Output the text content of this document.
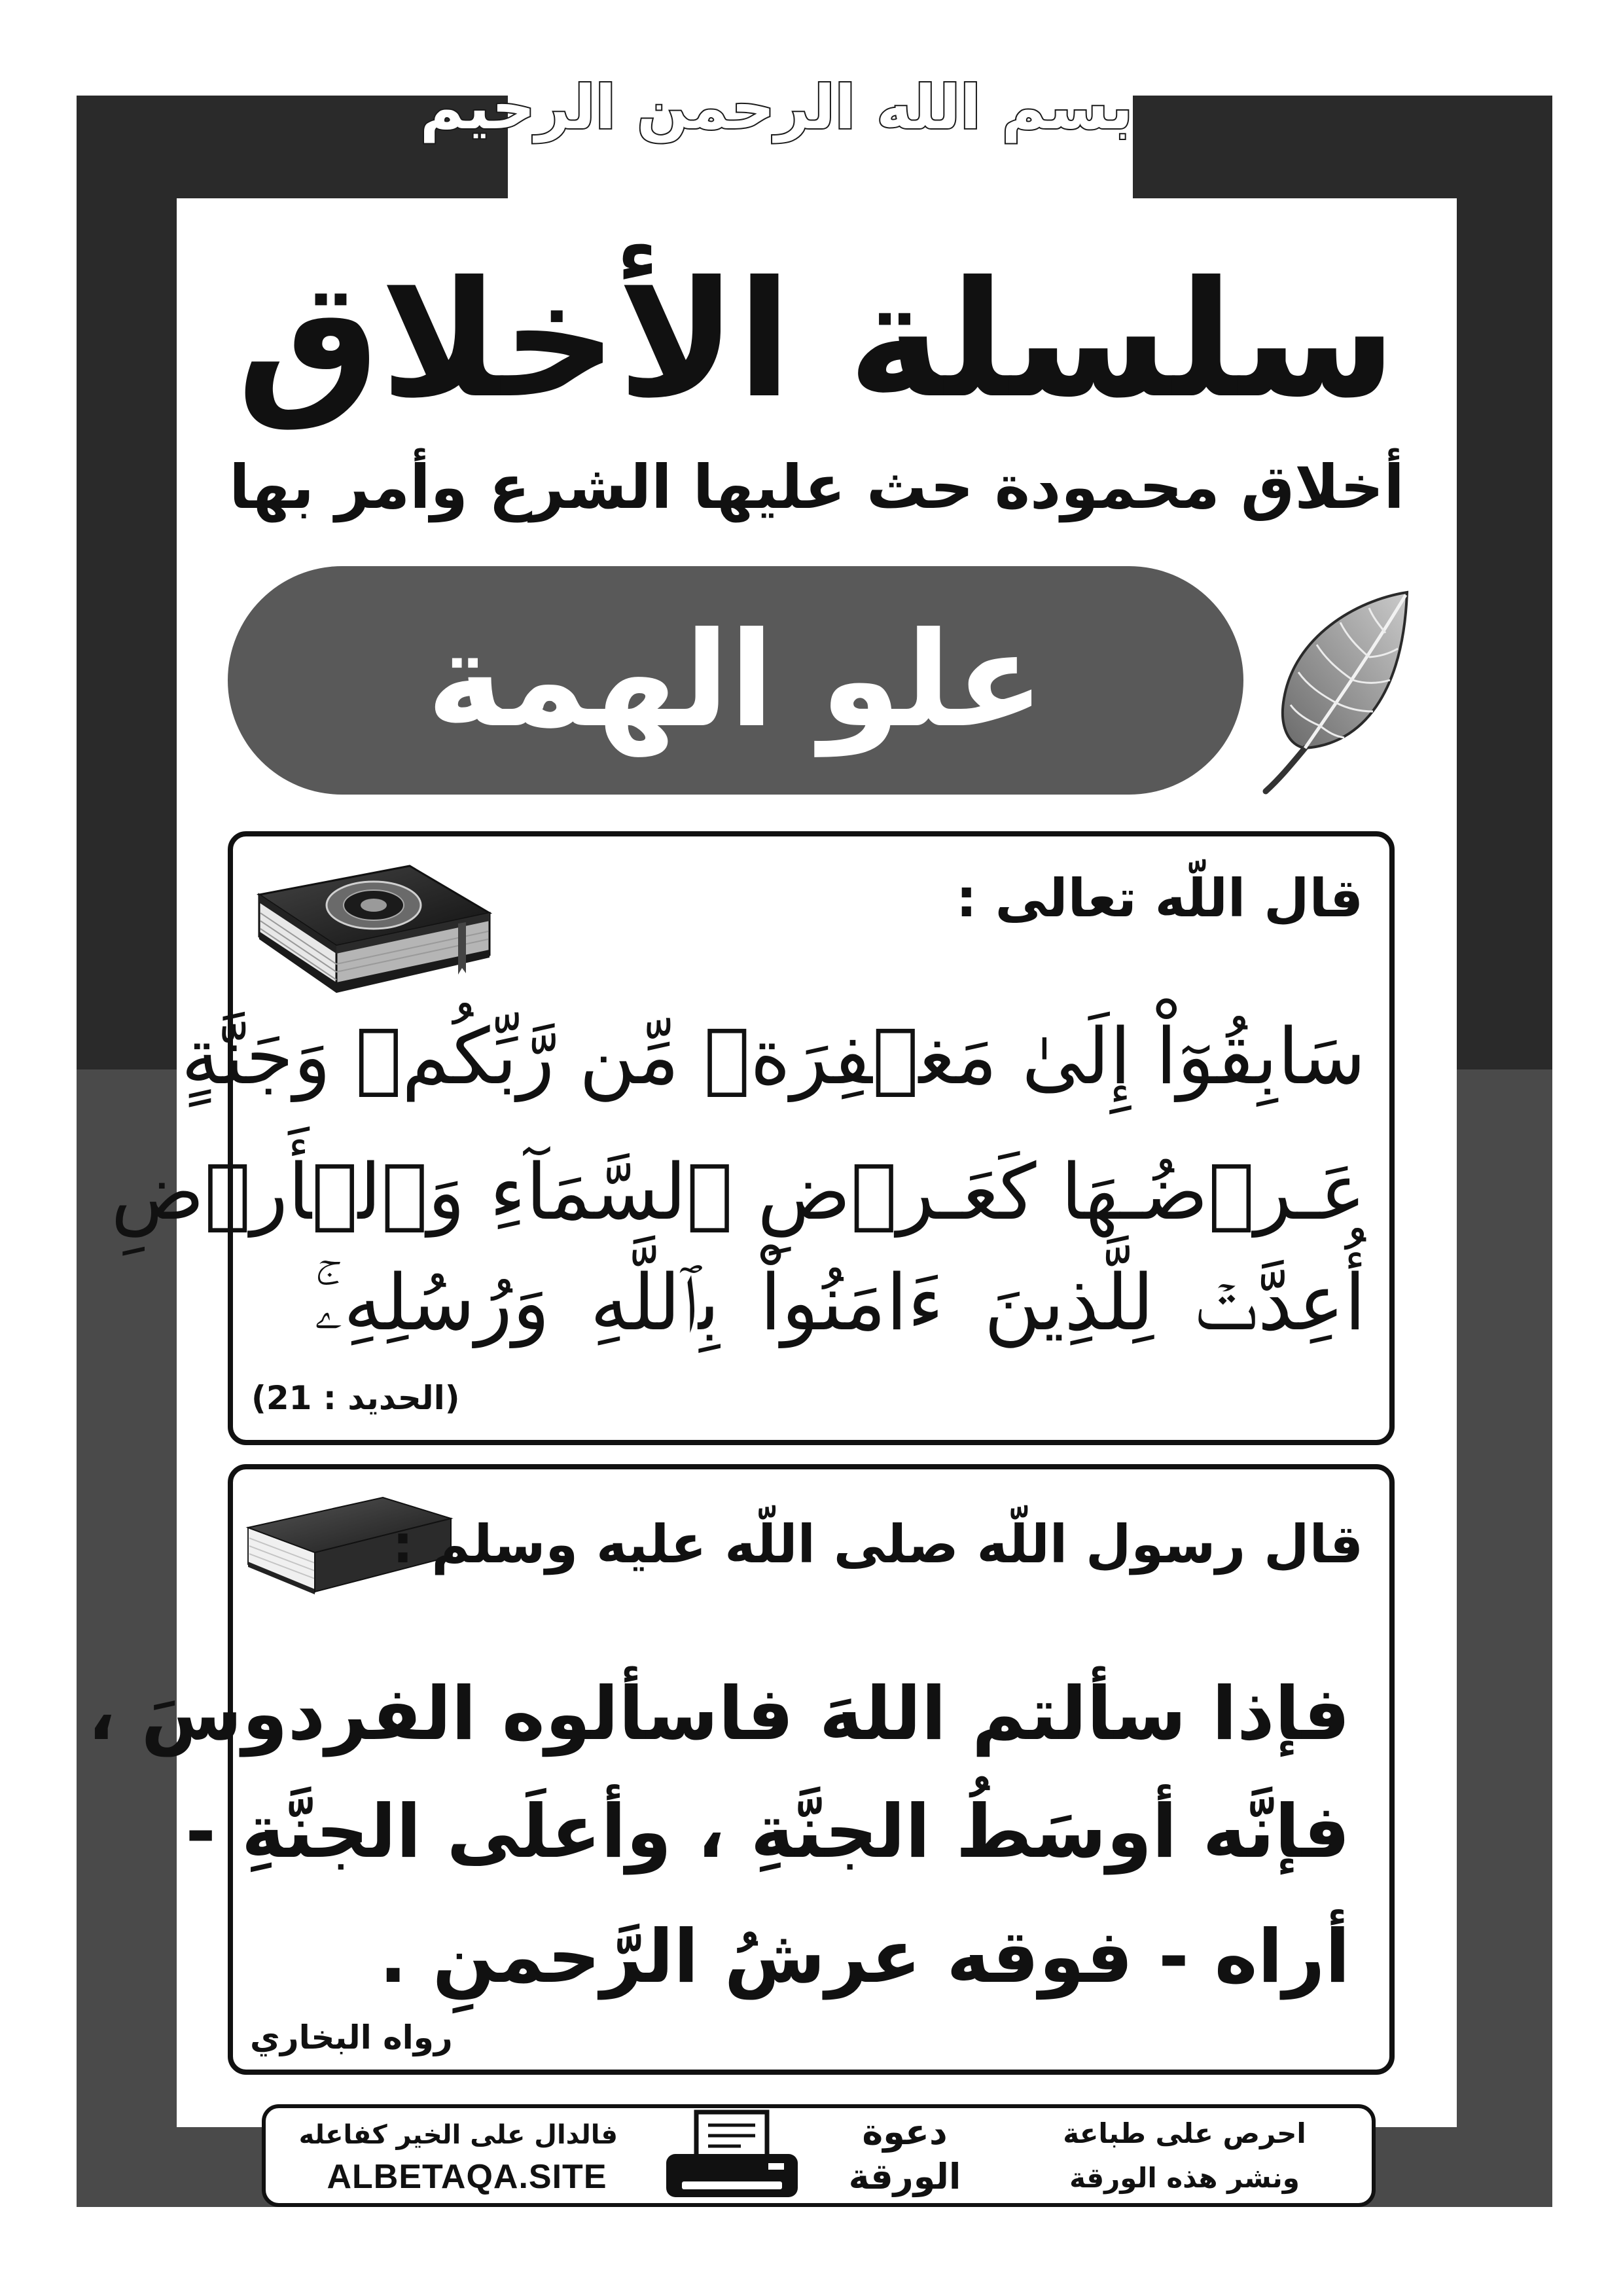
بسم الله الرحمن الرحيم
سلسلة الأخلاق
أخلاق محمودة حث عليها الشرع وأمر بها
علو الهمة
قال اللّه تعالى :
سَابِقُوٓاْ إِلَىٰ مَغۡفِرَةٖ مِّن رَّبِّكُمۡ وَجَنَّةٍ
عَـرۡضُـهَا كَعَـرۡضِ ٱلسَّمَآءِ وَٱلۡأَرۡضِ
أُعِدَّتۡ لِلَّذِينَ ءَامَنُواْ بِٱللَّهِ وَرُسُلِهِۦۚ
(الحديد : 21)
قال رسول اللّه صلى اللّه عليه وسلم :
فإذا سألتم اللهَ فاسألوه الفردوسَ ،
فإنَّه أوسَطُ الجنَّةِ ، وأعلَى الجنَّةِ -
أراه - فوقه عرشُ الرَّحمنِ .
رواه البخاري
فالدال على الخير كفاعله
ALBETAQA.SITE
دعوة
الورقة
احرص على طباعة
ونشر هذه الورقة
